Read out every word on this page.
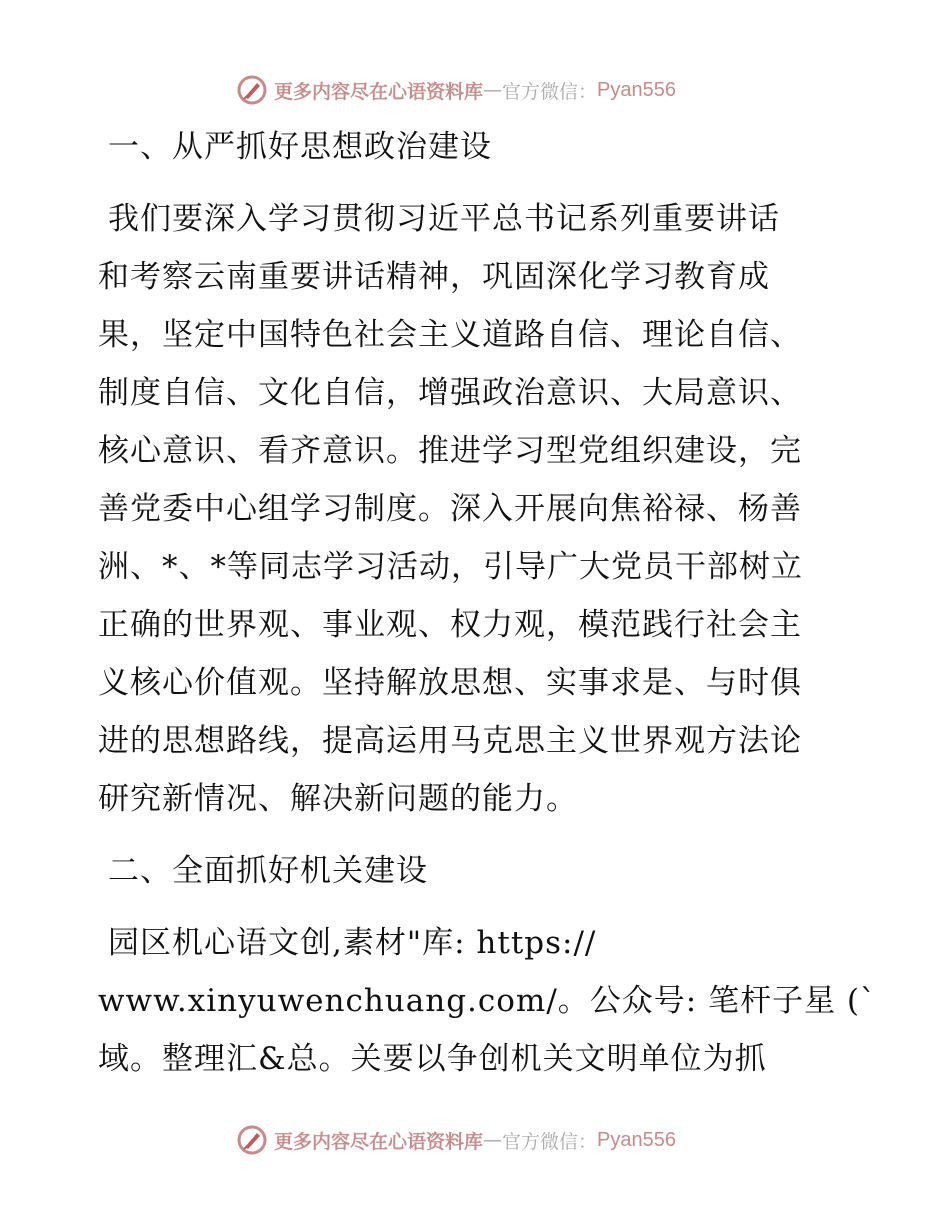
更多内容尽在心语资料库 — 官方微信： Pyan556
一、从严抓好思想政治建设

我们要深入学习贯彻习近平总书记系列重要讲话
和考察云南重要讲话精神，巩固深化学习教育成
果，坚定中国特色社会主义道路自信、理论自信、
制度自信、文化自信，增强政治意识、大局意识、
核心意识、看齐意识。推进学习型党组织建设，完
善党委中心组学习制度。深入开展向焦裕禄、杨善
洲、*、*等同志学习活动，引导广大党员干部树立
正确的世界观、事业观、权力观，模范践行社会主
义核心价值观。坚持解放思想、实事求是、与时俱
进的思想路线，提高运用马克思主义世界观方法论
研究新情况、解决新问题的能力。

二、全面抓好机关建设

园区机心语文创,素材"库: https://
www.xinyuwenchuang.com/。公众号: 笔杆子星 (`
域。整理汇&总。关要以争创机关文明单位为抓

更多内容尽在心语资料库 — 官方微信： Pyan556
